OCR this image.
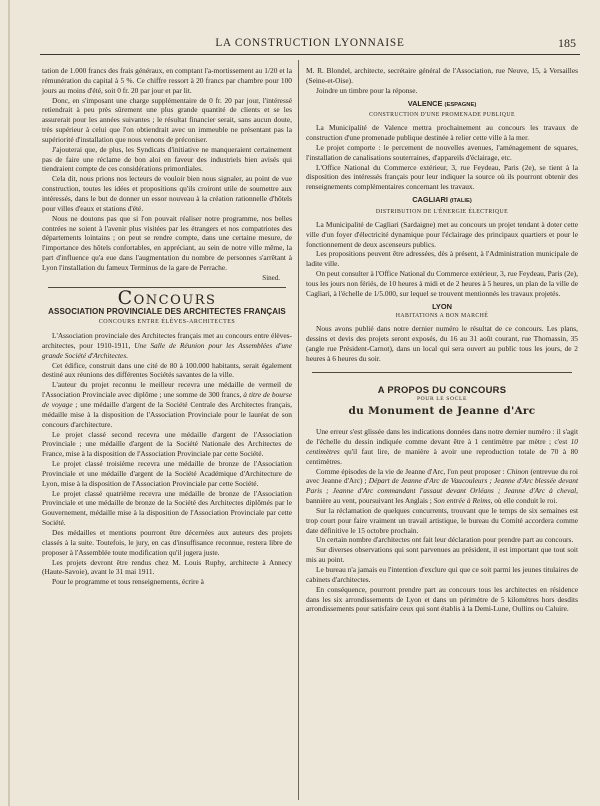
LA CONSTRUCTION LYONNAISE	185

tation de 1.000 francs des frais généraux, en comptant l'a-mortissement au 1/20 et la rémunération du capital à 5 %. Ce chiffre ressort à 20 francs par chambre pour 100 jours au moins d'été, soit 0 fr. 20 par jour et par lit.

Donc, en s'imposant une charge supplémentaire de 0 fr. 20 par jour, l'intéressé retiendrait à peu près sûrement une plus grande quantité de clients et se les assurerait pour les années suivantes ; le résultat financier serait, sans aucun doute, très supérieur à celui que l'on obtiendrait avec un immeuble ne présentant pas la supériorité d'installation que nous venons de préconiser.

J'ajouterai que, de plus, les Syndicats d'initiative ne manqueraient certainement pas de faire une réclame de bon aloi en faveur des industriels bien avisés qui tiendraient compte de ces considérations primordiales.

Cela dit, nous prions nos lecteurs de vouloir bien nous signaler, au point de vue construction, toutes les idées et propositions qu'ils croiront utile de soumettre aux intéressés, dans le but de donner un essor nouveau à la création rationnelle d'hôtels pour villes d'eaux et stations d'été.

Nous ne doutons pas que si l'on pouvait réaliser notre programme, nos belles contrées ne soient à l'avenir plus visitées par les étrangers et nos compatriotes des départements lointains ; on peut se rendre compte, dans une certaine mesure, de l'importance des hôtels confortables, en appréciant, au sein de notre ville même, la part d'influence qu'a eue dans l'augmentation du nombre de personnes s'arrêtant à Lyon l'installation du fameux Terminus de la gare de Perrache.

Sined.
Concours
ASSOCIATION PROVINCIALE DES ARCHITECTES FRANÇAIS
CONCOURS ENTRE ÉLÈVES-ARCHITECTES

L'Association provinciale des Architectes français met au concours entre élèves-architectes, pour 1910-1911, Une Salle de Réunion pour les Assemblées d'une grande Société d'Architectes.

Cet édifice, construit dans une cité de 80 à 100.000 habitants, serait également destiné aux réunions des différentes Sociétés savantes de la ville.

L'auteur du projet reconnu le meilleur recevra une médaille de vermeil de l'Association Provinciale avec diplôme ; une somme de 300 francs, à titre de bourse de voyage ; une médaille d'argent de la Société Centrale des Architectes français, médaille mise à la disposition de l'Association Provinciale pour le lauréat de son concours d'architecture.

Le projet classé second recevra une médaille d'argent de l'Association Provinciale ; une médaille d'argent de la Société Nationale des Architectes de France, mise à la disposition de l'Association Provinciale par cette Société.

Le projet classé troisième recevra une médaille de bronze de l'Association Provinciale et une médaille d'argent de la Société Académique d'Architecture de Lyon, mise à la disposition de l'Association Provinciale par cette Société.

Le projet classé quatrième recevra une médaille de bronze de l'Association Provinciale et une médaille de bronze de la Société des Architectes diplômés par le Gouvernement, médaille mise à la disposition de l'Association Provinciale par cette Société.

Des médailles et mentions pourront être décernées aux auteurs des projets classés à la suite. Toutefois, le jury, en cas d'insuffisance reconnue, restera libre de proposer à l'Assemblée toute modification qu'il jugera juste.

Les projets devront être rendus chez M. Louis Ruphy, architecte à Annecy (Haute-Savoie), avant le 31 mai 1911.

Pour le programme et tous renseignements, écrire à

M. R. Blondel, architecte, secrétaire général de l'Association, rue Neuve, 15, à Versailles (Seine-et-Oise).

Joindre un timbre pour la réponse.

VALENCE (ESPAGNE)
CONSTRUCTION D'UNE PROMENADE PUBLIQUE

La Municipalité de Valence mettra prochainement au concours les travaux de construction d'une promenade publique destinée à relier cette ville à la mer.

Le projet comporte : le percement de nouvelles avenues, l'aménagement de squares, l'installation de canalisations souterraines, d'appareils d'éclairage, etc.

L'Office National du Commerce extérieur, 3, rue Feydeau, Paris (2e), se tient à la disposition des intéressés français pour leur indiquer la source où ils pourront obtenir des renseignements complémentaires concernant les travaux.

CAGLIARI (ITALIE)
DISTRIBUTION DE L'ÉNERGIE ÉLECTRIQUE

La Municipalité de Cagliari (Sardaigne) met au concours un projet tendant à doter cette ville d'un foyer d'électricité dynamique pour l'éclairage des principaux quartiers et pour le fonctionnement de deux ascenseurs publics.

Les propositions peuvent être adressées, dès à présent, à l'Administration municipale de ladite ville.

On peut consulter à l'Office National du Commerce extérieur, 3, rue Feydeau, Paris (2e), tous les jours non fériés, de 10 heures à midi et de 2 heures à 5 heures, un plan de la ville de Cagliari, à l'échelle de 1/5.000, sur lequel se trouvent mentionnés les travaux projetés.

LYON
HABITATIONS A BON MARCHÉ

Nous avons publié dans notre dernier numéro le résultat de ce concours. Les plans, dessins et devis des projets seront exposés, du 16 au 31 août courant, rue Thomassin, 35 (angle rue Président-Carnot), dans un local qui sera ouvert au public tous les jours, de 2 heures à 6 heures du soir.

A PROPOS DU CONCOURS
POUR LE SOCLE
du Monument de Jeanne d'Arc

Une erreur s'est glissée dans les indications données dans notre dernier numéro : il s'agit de l'échelle du dessin indiquée comme devant être à 1 centimètre par mètre ; c'est 10 centimètres qu'il faut lire, de manière à avoir une reproduction totale de 70 à 80 centimètres.

Comme épisodes de la vie de Jeanne d'Arc, l'on peut proposer : Chinon (entrevue du roi avec Jeanne d'Arc) ; Départ de Jeanne d'Arc de Vaucouleurs ; Jeanne d'Arc blessée devant Paris ; Jeanne d'Arc commandant l'assaut devant Orléans ; Jeanne d'Arc à cheval, bannière au vent, poursuivant les Anglais ; Son entrée à Reims, où elle conduit le roi.

Sur la réclamation de quelques concurrents, trouvant que le temps de six semaines est trop court pour faire vraiment un travail artistique, le bureau du Comité accordera comme date définitive le 15 octobre prochain.

Un certain nombre d'architectes ont fait leur déclaration pour prendre part au concours.

Sur diverses observations qui sont parvenues au président, il est important que tout soit mis au point.

Le bureau n'a jamais eu l'intention d'exclure qui que ce soit parmi les jeunes titulaires de cabinets d'architectes.

En conséquence, pourront prendre part au concours tous les architectes en résidence dans les six arrondissements de Lyon et dans un périmètre de 5 kilomètres hors desdits arrondissements pour satisfaire ceux qui sont établis à la Demi-Lune, Oullins ou Caluire.
